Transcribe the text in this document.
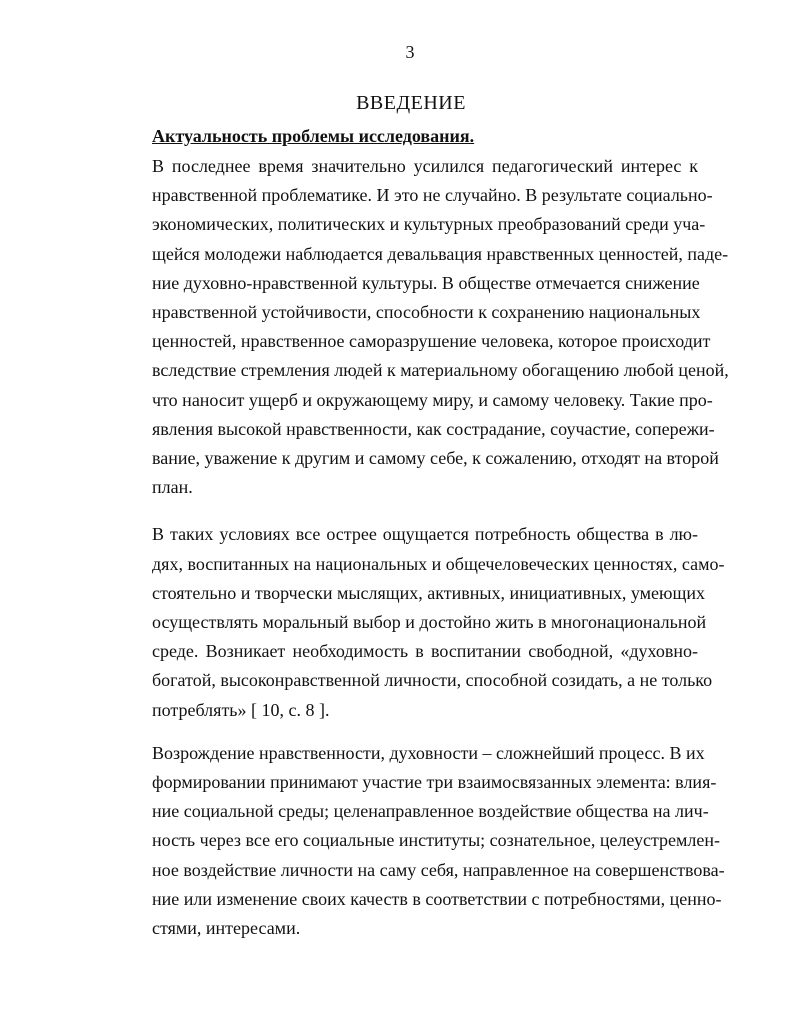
3
ВВЕДЕНИЕ
Актуальность проблемы исследования.
В последнее время значительно усилился педагогический интерес к
нравственной проблематике. И это не случайно. В результате социально-
экономических, политических и культурных преобразований среди уча-
щейся молодежи наблюдается девальвация нравственных ценностей, паде-
ние духовно-нравственной культуры. В обществе отмечается снижение
нравственной устойчивости, способности к сохранению национальных
ценностей, нравственное саморазрушение человека, которое происходит
вследствие стремления людей к материальному обогащению любой ценой,
что наносит ущерб и окружающему миру, и самому человеку. Такие про-
явления высокой нравственности, как сострадание, соучастие, сопережи-
вание, уважение к другим и самому себе, к сожалению, отходят на второй
план.
В таких условиях все острее ощущается потребность общества в лю-
дях, воспитанных на национальных и общечеловеческих ценностях, само-
стоятельно и творчески мыслящих, активных, инициативных, умеющих
осуществлять моральный выбор и достойно жить в многонациональной
среде. Возникает необходимость в воспитании свободной, «духовно-
богатой, высоконравственной личности, способной созидать, а не только
потреблять» [ 10, с. 8 ].
Возрождение нравственности, духовности – сложнейший процесс. В их
формировании принимают участие три взаимосвязанных элемента: влия-
ние социальной среды; целенаправленное воздействие общества на лич-
ность через все его социальные институты; сознательное, целеустремлен-
ное воздействие личности на саму себя, направленное на совершенствова-
ние или изменение своих качеств в соответствии с потребностями, ценно-
стями, интересами.
